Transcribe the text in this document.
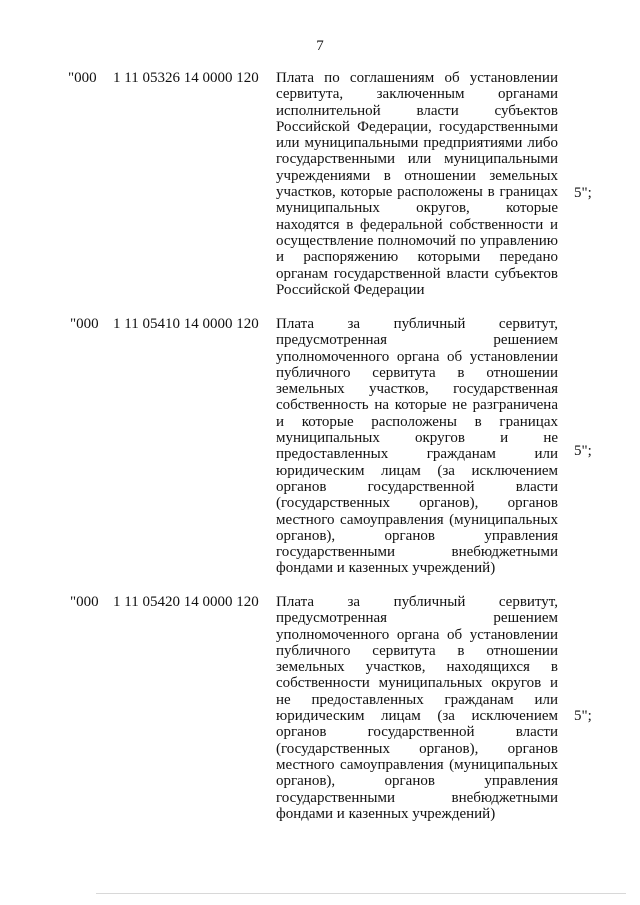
7
"000 1 11 05326 14 0000 120 Плата по соглашениям об установлении сервитута, заключенным органами исполнительной власти субъектов Российской Федерации, государственными или муниципальными предприятиями либо государственными или муниципальными учреждениями в отношении земельных участков, которые расположены в границах муниципальных округов, которые находятся в федеральной собственности и осуществление полномочий по управлению и распоряжению которыми передано органам государственной власти субъектов Российской Федерации
5";
"000 1 11 05410 14 0000 120 Плата за публичный сервитут, предусмотренная решением уполномоченного органа об установлении публичного сервитута в отношении земельных участков, государственная собственность на которые не разграничена и которые расположены в границах муниципальных округов и не предоставленных гражданам или юридическим лицам (за исключением органов государственной власти (государственных органов), органов местного самоуправления (муниципальных органов), органов управления государственными внебюджетными фондами и казенных учреждений)
5";
"000 1 11 05420 14 0000 120 Плата за публичный сервитут, предусмотренная решением уполномоченного органа об установлении публичного сервитута в отношении земельных участков, находящихся в собственности муниципальных округов и не предоставленных гражданам или юридическим лицам (за исключением органов государственной власти (государственных органов), органов местного самоуправления (муниципальных органов), органов управления государственными внебюджетными фондами и казенных учреждений)
5";
